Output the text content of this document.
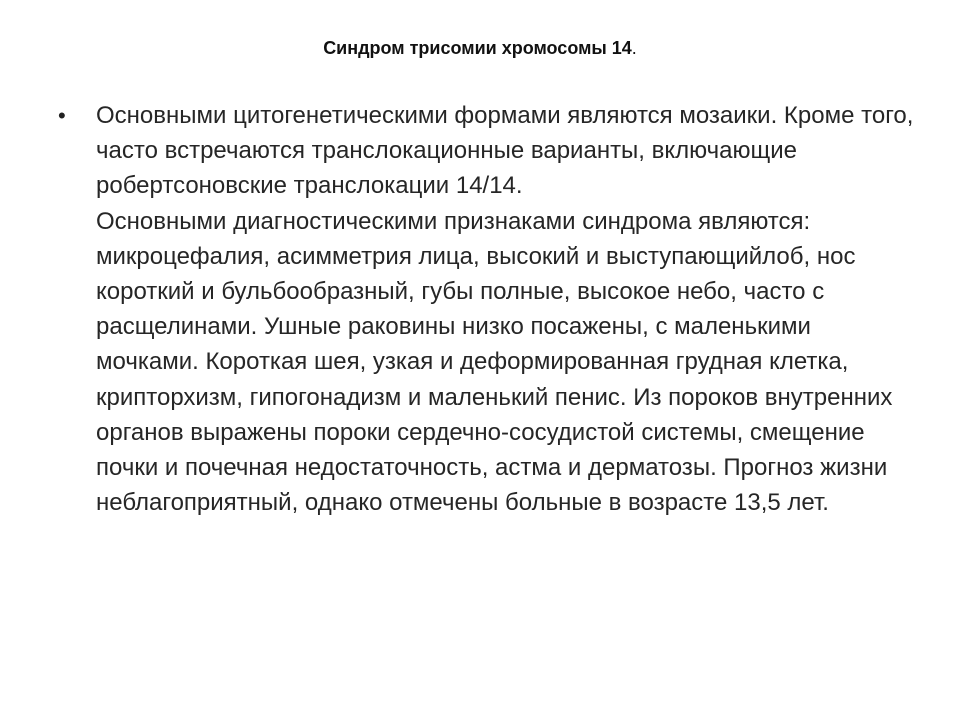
Синдром трисомии хромосомы 14.
•	Основными цитогенетическими формами являются мозаики. Кроме того, часто встречаются транслокационные варианты, включающие робертсоновские транслокации 14/14.

Основными диагностическими признаками синдрома являются: микроцефалия, асимметрия лица, высокий и выступающийлоб, нос короткий и бульбообразный, губы полные, высокое небо, часто с расщелинами. Ушные раковины низко посажены, с маленькими мочками. Короткая шея, узкая и деформированная грудная клетка, крипторхизм, гипогонадизм и маленький пенис. Из пороков внутренних органов выражены пороки сердечно-сосудистой системы, смещение почки и почечная недостаточность, астма и дерматозы. Прогноз жизни неблагоприятный, однако отмечены больные в возрасте 13,5 лет.
